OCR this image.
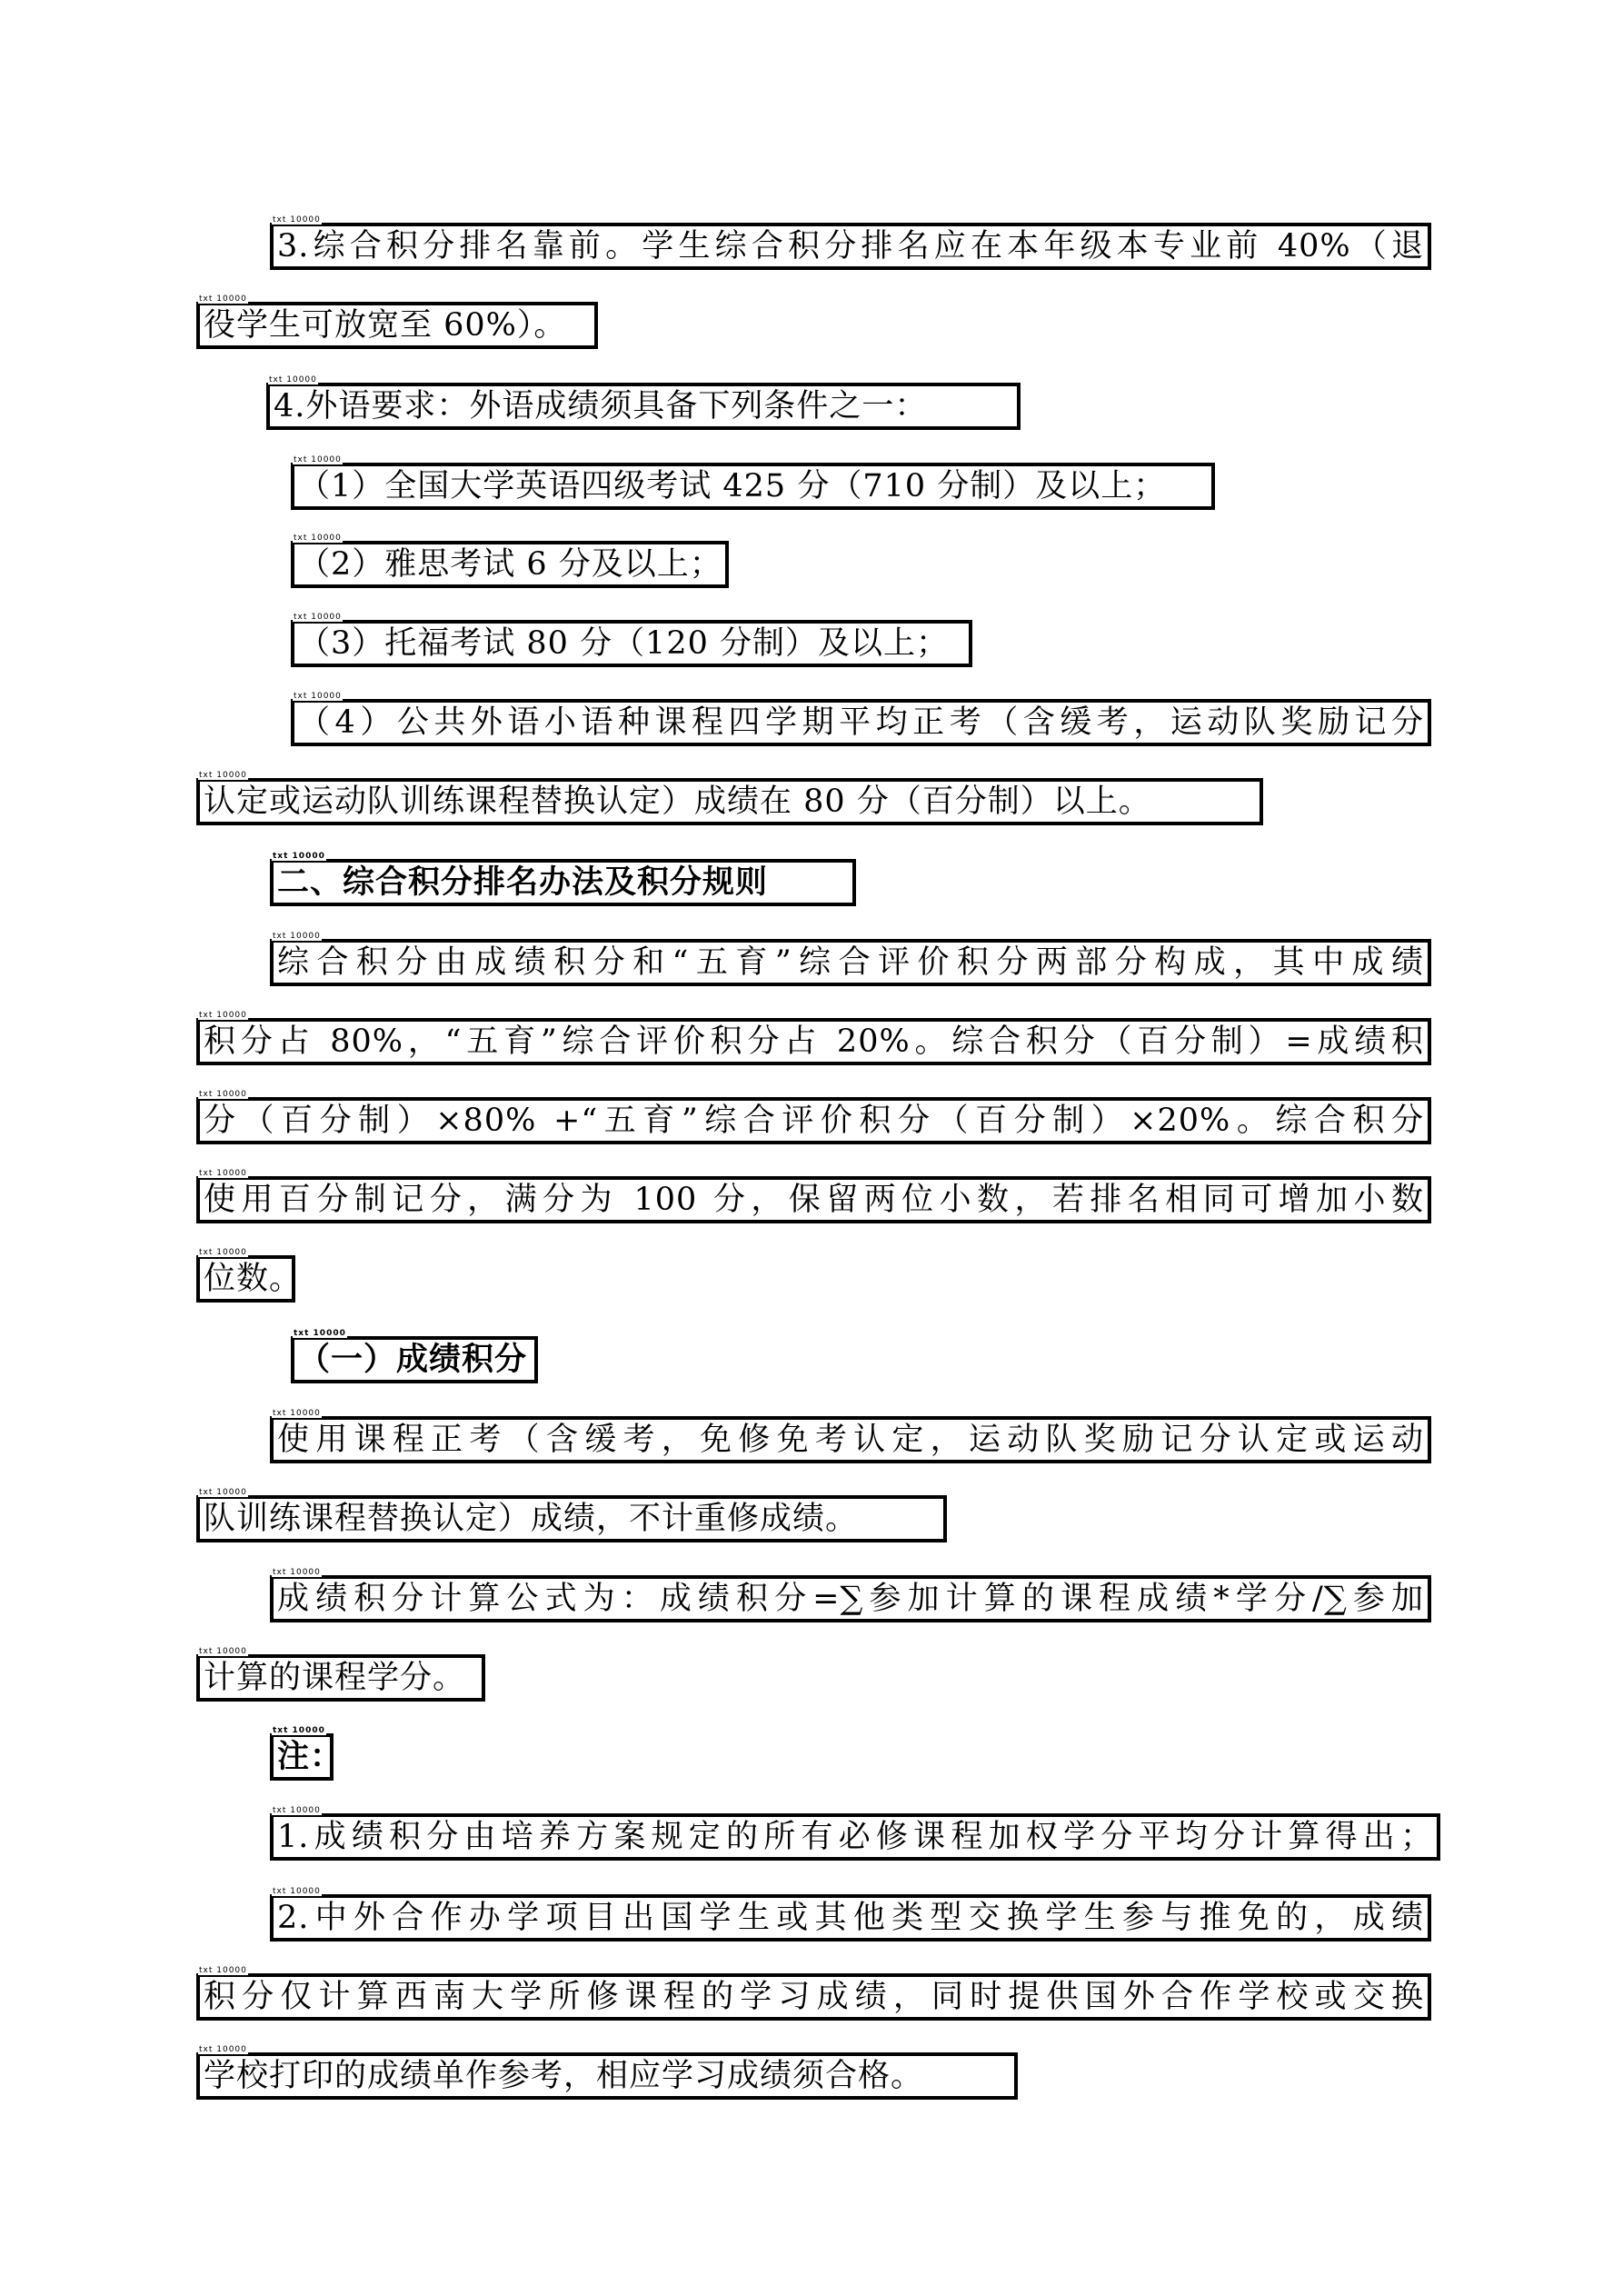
txt 10000
3.综合积分排名靠前。学生综合积分排名应在本年级本专业前 40%（退
txt 10000
役学生可放宽至 60%）。
txt 10000
4.外语要求：外语成绩须具备下列条件之一：
txt 10000
（1）全国大学英语四级考试 425 分（710 分制）及以上；
txt 10000
（2）雅思考试 6 分及以上；
txt 10000
（3）托福考试 80 分（120 分制）及以上；
txt 10000
（4）公共外语小语种课程四学期平均正考（含缓考，运动队奖励记分
txt 10000
认定或运动队训练课程替换认定）成绩在 80 分（百分制）以上。
txt 10000
二、综合积分排名办法及积分规则
txt 10000
综合积分由成绩积分和“五育”综合评价积分两部分构成，其中成绩
txt 10000
积分占 80%，“五育”综合评价积分占 20%。综合积分（百分制）=成绩积
txt 10000
分（百分制）×80% +“五育”综合评价积分（百分制）×20%。综合积分
txt 10000
使用百分制记分，满分为 100 分，保留两位小数，若排名相同可增加小数
txt 10000
位数。
txt 10000
（一）成绩积分
txt 10000
使用课程正考（含缓考，免修免考认定，运动队奖励记分认定或运动
txt 10000
队训练课程替换认定）成绩，不计重修成绩。
txt 10000
成绩积分计算公式为：成绩积分=∑参加计算的课程成绩*学分/∑参加
txt 10000
计算的课程学分。
txt 10000
注：
txt 10000
1.成绩积分由培养方案规定的所有必修课程加权学分平均分计算得出；
txt 10000
2.中外合作办学项目出国学生或其他类型交换学生参与推免的，成绩
txt 10000
积分仅计算西南大学所修课程的学习成绩，同时提供国外合作学校或交换
txt 10000
学校打印的成绩单作参考，相应学习成绩须合格。
